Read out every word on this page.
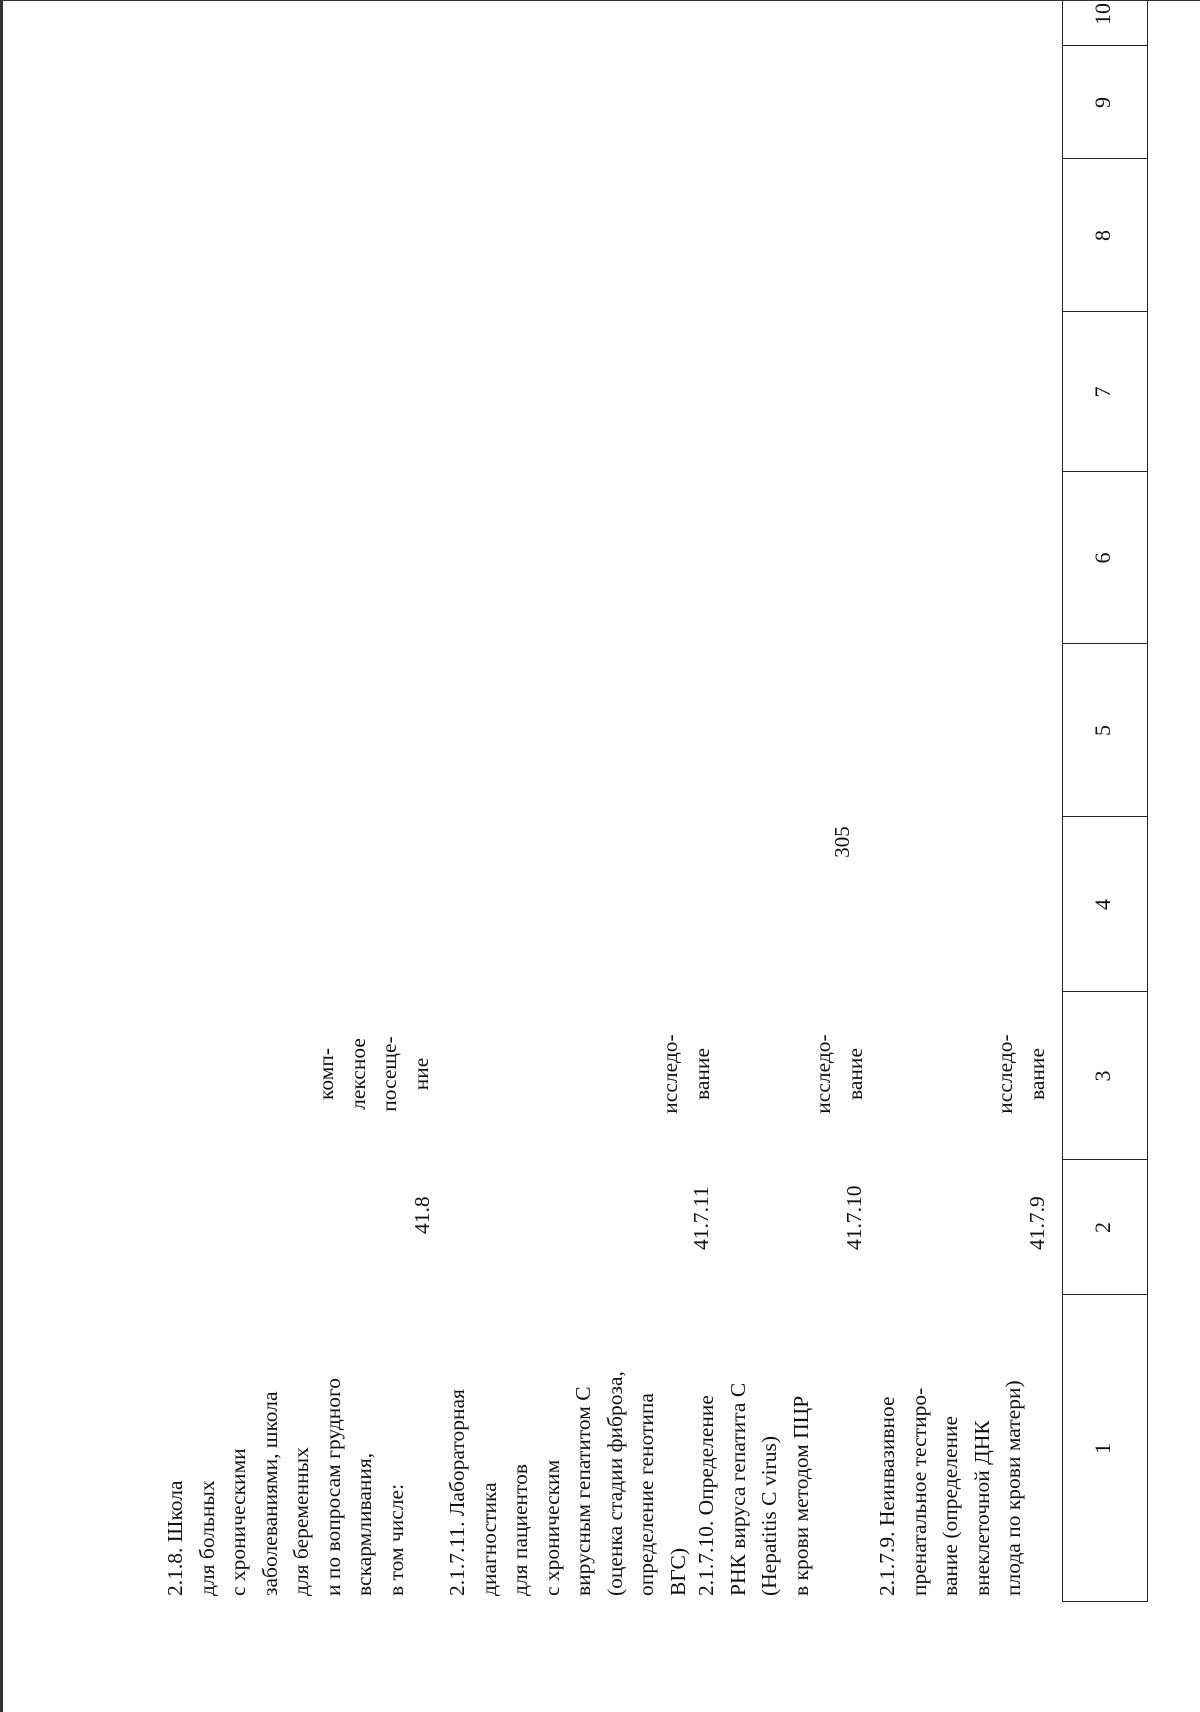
305
1
2
3
4
5
6
7
8
9
10
2.1.7.9. Неинвазивное
пренатальное тестиро-
вание (определение
внеклеточной ДНК
плода по крови матери)
41.7.9
исследо-
вание
2.1.7.10. Определение
РНК вируса гепатита С
(Hepatitis C virus)
в крови методом ПЦР
41.7.10
исследо-
вание
2.1.7.11. Лабораторная
диагностика
для пациентов
с хроническим
вирусным гепатитом С
(оценка стадии фиброза,
определение генотипа
ВГС)
41.7.11
исследо-
вание
2.1.8. Школа
для больных
с хроническими
заболеваниями, школа
для беременных
и по вопросам грудного
вскармливания,
в том числе:
41.8
комп-
лексное
посеще-
ние
